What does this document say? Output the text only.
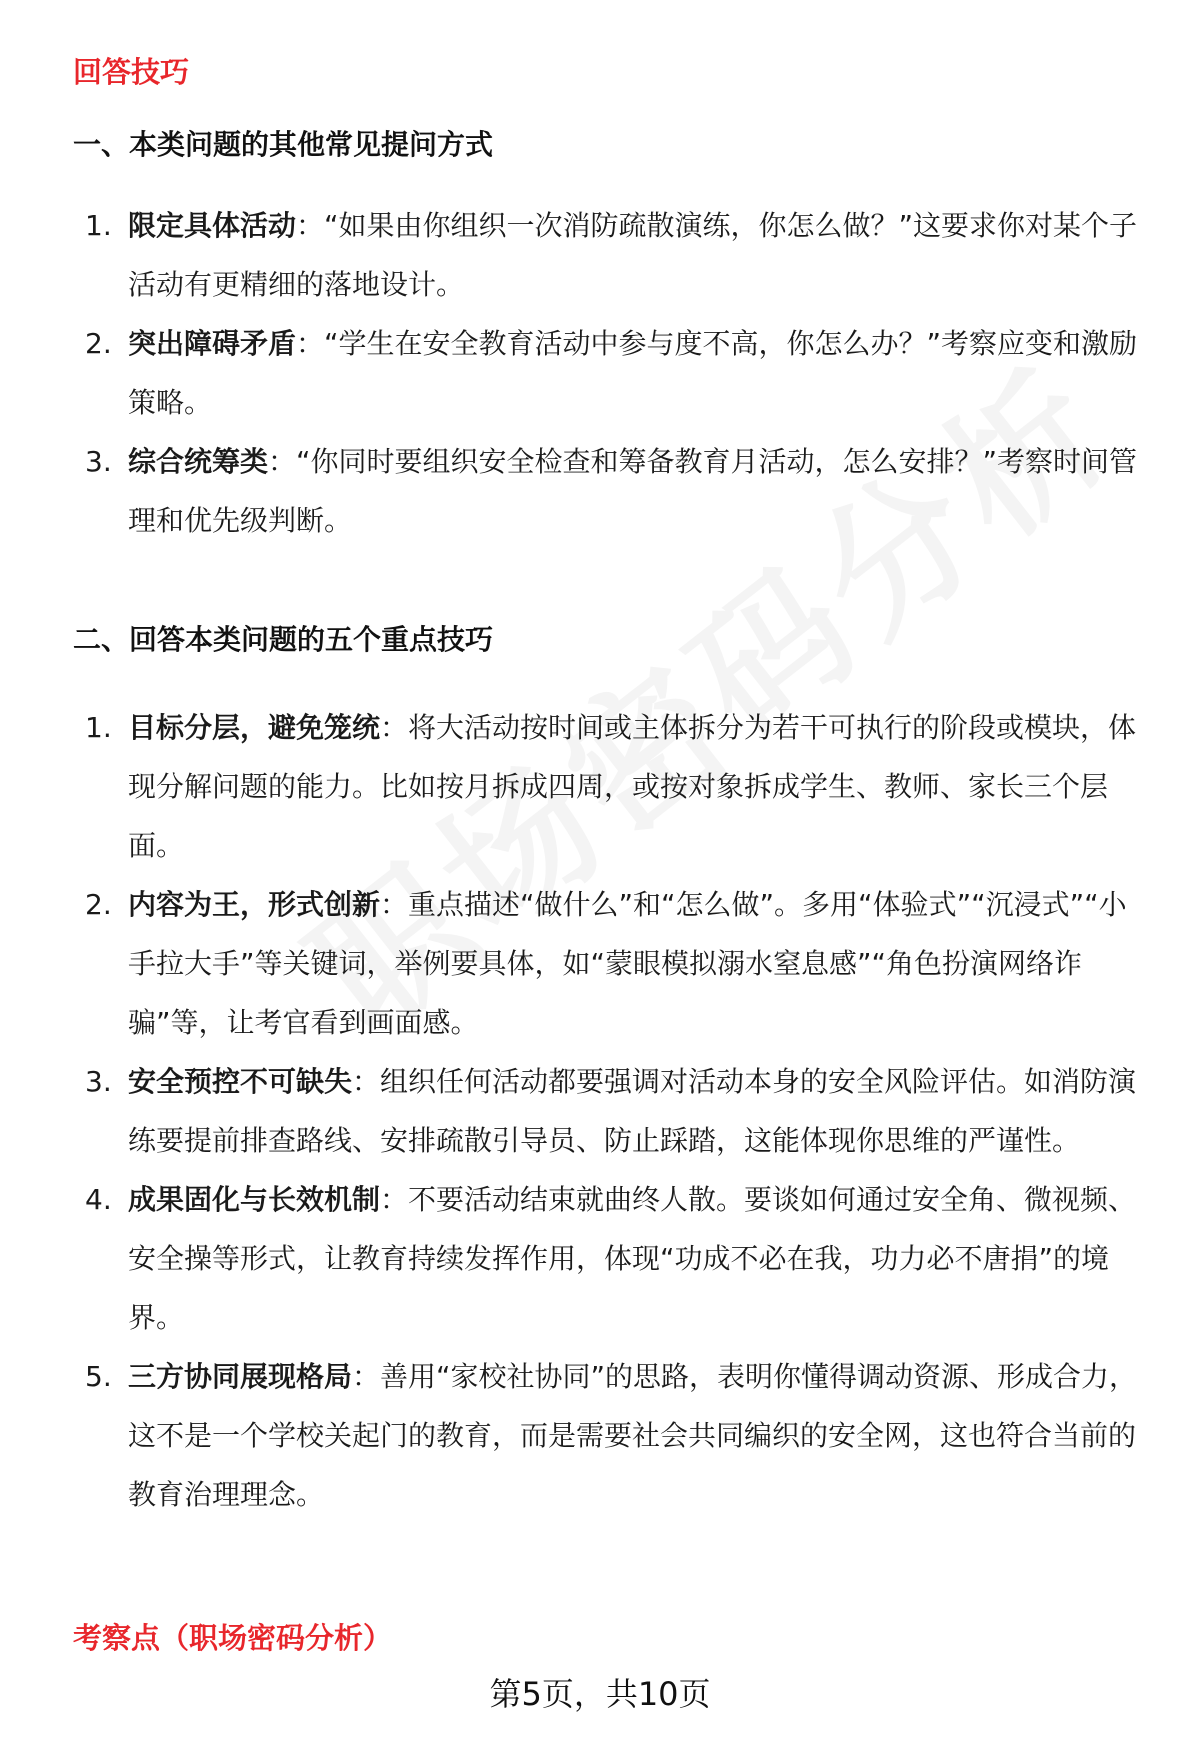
回答技巧
一、本类问题的其他常见提问方式
1. 限定具体活动：“如果由你组织一次消防疏散演练，你怎么做？”这要求你对某个子活动有更精细的落地设计。
2. 突出障碍矛盾：“学生在安全教育活动中参与度不高，你怎么办？”考察应变和激励策略。
3. 综合统筹类：“你同时要组织安全检查和筹备教育月活动，怎么安排？”考察时间管理和优先级判断。
二、回答本类问题的五个重点技巧
1. 目标分层，避免笼统：将大活动按时间或主体拆分为若干可执行的阶段或模块，体现分解问题的能力。比如按月拆成四周，或按对象拆成学生、教师、家长三个层面。
2. 内容为王，形式创新：重点描述“做什么”和“怎么做”。多用“体验式”“沉浸式”“小手拉大手”等关键词，举例要具体，如“蒙眼模拟溺水窒息感”“角色扮演网络诈骗”等，让考官看到画面感。
3. 安全预控不可缺失：组织任何活动都要强调对活动本身的安全风险评估。如消防演练要提前排查路线、安排疏散引导员、防止踩踏，这能体现你思维的严谨性。
4. 成果固化与长效机制：不要活动结束就曲终人散。要谈如何通过安全角、微视频、安全操等形式，让教育持续发挥作用，体现“功成不必在我，功力必不唐捐”的境界。
5. 三方协同展现格局：善用“家校社协同”的思路，表明你懂得调动资源、形成合力，这不是一个学校关起门的教育，而是需要社会共同编织的安全网，这也符合当前的教育治理理念。
考察点（职场密码分析）
第5页，共10页
